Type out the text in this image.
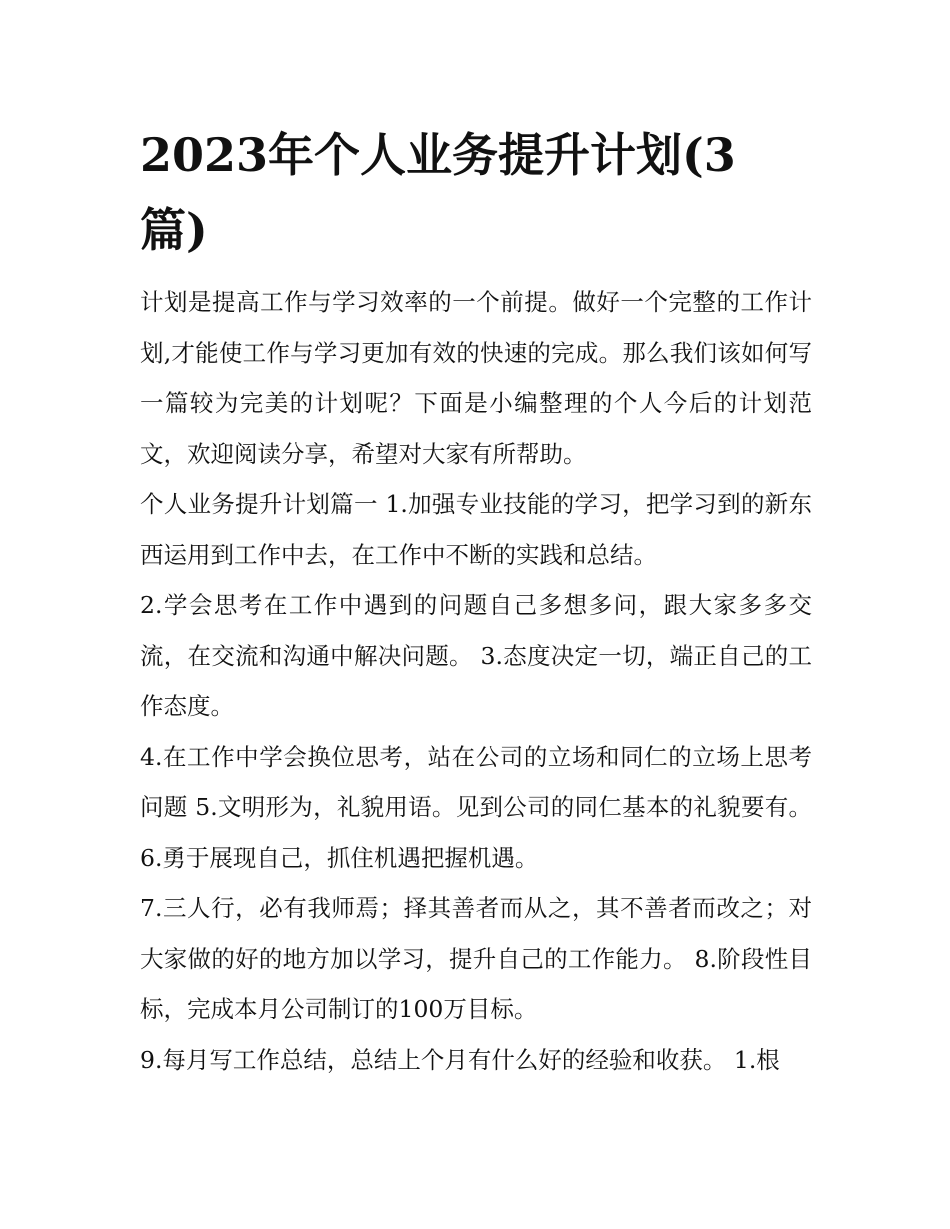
2023年个人业务提升计划(3篇)

计划是提高工作与学习效率的一个前提。做好一个完整的工作计划,才能使工作与学习更加有效的快速的完成。那么我们该如何写一篇较为完美的计划呢？下面是小编整理的个人今后的计划范文，欢迎阅读分享，希望对大家有所帮助。

个人业务提升计划篇一 1.加强专业技能的学习，把学习到的新东西运用到工作中去，在工作中不断的实践和总结。

2.学会思考在工作中遇到的问题自己多想多问，跟大家多多交流，在交流和沟通中解决问题。 3.态度决定一切，端正自己的工作态度。

4.在工作中学会换位思考，站在公司的立场和同仁的立场上思考问题 5.文明形为，礼貌用语。见到公司的同仁基本的礼貌要有。 6.勇于展现自己，抓住机遇把握机遇。

7.三人行，必有我师焉；择其善者而从之，其不善者而改之；对大家做的好的地方加以学习，提升自己的工作能力。 8.阶段性目标，完成本月公司制订的100万目标。

9.每月写工作总结，总结上个月有什么好的经验和收获。 1.根
